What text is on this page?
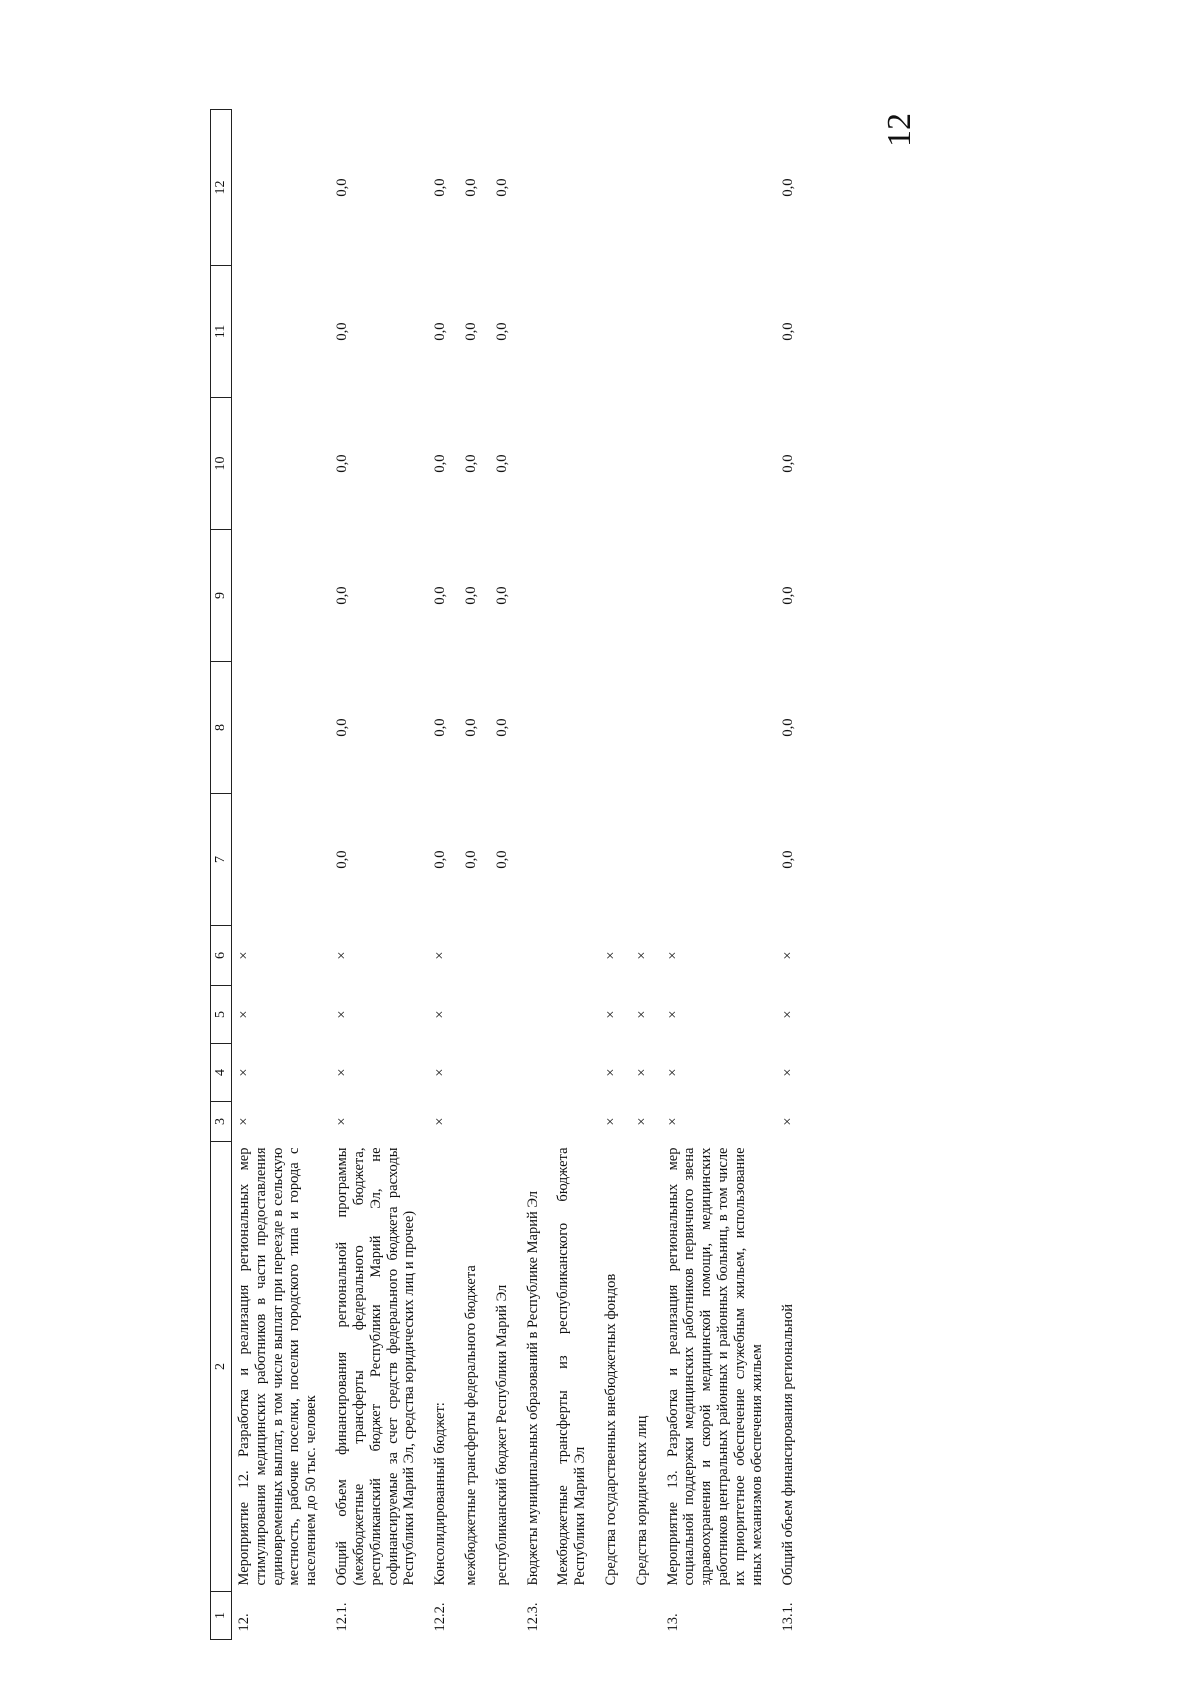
12
1	2	3	4	5	6	7	8	9	10	11	12
12.	Мероприятие 12. Разработка и реализация региональных мер стимулирования медицинских работников в части предоставления единовременных выплат, в том числе выплат при переезде в сельскую местность, рабочие поселки, поселки городского типа и города с населением до 50 тыс. человек	×	×	×	×						
12.1.	Общий объем финансирования региональной программы (межбюджетные трансферты федерального бюджета, республиканский бюджет Республики Марий Эл, не софинансируемые за счет средств федерального бюджета расходы Республики Марий Эл, средства юридических лиц и прочее)	×	×	×	×	0,0	0,0	0,0	0,0	0,0	0,0
12.2.	Консолидированный бюджет:	×	×	×	×	0,0	0,0	0,0	0,0	0,0	0,0
	межбюджетные трансферты федерального бюджета					0,0	0,0	0,0	0,0	0,0	0,0
	республиканский бюджет Республики Марий Эл					0,0	0,0	0,0	0,0	0,0	0,0
12.3.	Бюджеты муниципальных образований в Республике Марий Эл										
	Межбюджетные трансферты из республиканского бюджета Республики Марий Эл										
	Средства государственных внебюджетных фондов	×	×	×	×						
	Средства юридических лиц	×	×	×	×						
13.	Мероприятие 13. Разработка и реализация региональных мер социальной поддержки медицинских работников первичного звена здравоохранения и скорой медицинской помощи, медицинских работников центральных районных и районных больниц, в том числе их приоритетное обеспечение служебным жильем, использование иных механизмов обеспечения жильем	×	×	×	×						
13.1.	Общий объем финансирования региональной	×	×	×	×	0,0	0,0	0,0	0,0	0,0	0,0
